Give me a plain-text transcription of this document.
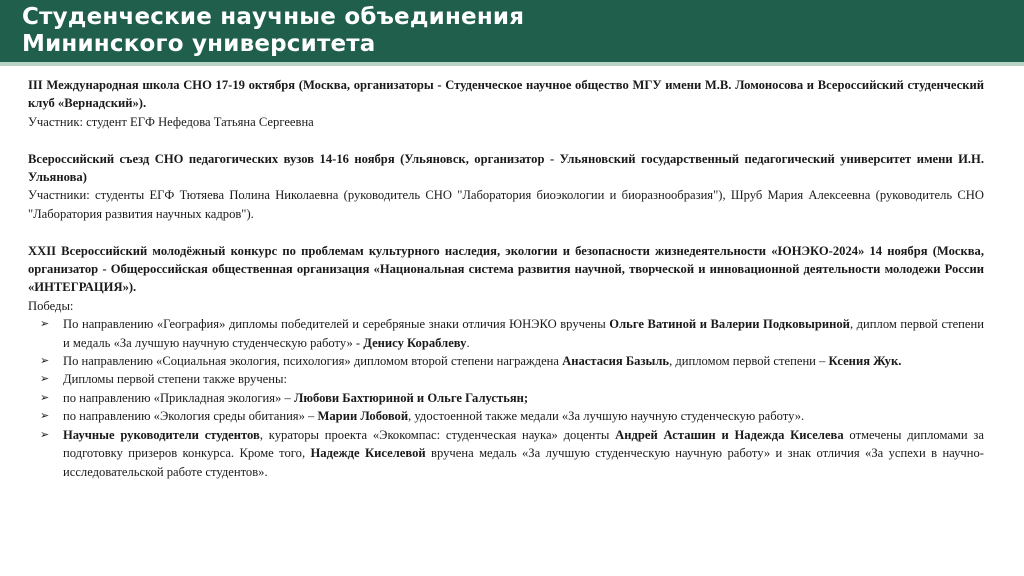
Студенческие научные объединения
Мининского университета

III Международная школа СНО 17-19 октября (Москва, организаторы - Студенческое научное общество МГУ имени М.В. Ломоносова и Всероссийский студенческий клуб «Вернадский»).

Участник: студент ЕГФ Нефедова Татьяна Сергеевна

Всероссийский съезд СНО педагогических вузов 14-16 ноября (Ульяновск, организатор - Ульяновский государственный педагогический университет имени И.Н. Ульянова)

Участники: студенты ЕГФ Тютяева Полина Николаевна (руководитель СНО "Лаборатория биоэкологии и биоразнообразия"), Шруб Мария Алексеевна (руководитель СНО "Лаборатория развития научных кадров").

XXII Всероссийский молодёжный конкурс по проблемам культурного наследия, экологии и безопасности жизнедеятельности «ЮНЭКО-2024» 14 ноября (Москва, организатор - Общероссийская общественная организация «Национальная система развития научной, творческой и инновационной деятельности молодежи России «ИНТЕГРАЦИЯ»).

Победы:

➢ По направлению «География» дипломы победителей и серебряные знаки отличия ЮНЭКО вручены Ольге Ватиной и Валерии Подковыриной, диплом первой степени и медаль «За лучшую научную студенческую работу» - Денису Кораблеву.
➢ По направлению «Социальная экология, психология» дипломом второй степени награждена Анастасия Базыль, дипломом первой степени – Ксения Жук.
➢ Дипломы первой степени также вручены:
➢ по направлению «Прикладная экология» – Любови Бахтюриной и Ольге Галустьян;
➢ по направлению «Экология среды обитания» – Марии Лобовой, удостоенной также медали «За лучшую научную студенческую работу».
➢ Научные руководители студентов, кураторы проекта «Экокомпас: студенческая наука» доценты Андрей Асташин и Надежда Киселева отмечены дипломами за подготовку призеров конкурса. Кроме того, Надежде Киселевой вручена медаль «За лучшую студенческую научную работу» и знак отличия «За успехи в научно-исследовательской работе студентов».
